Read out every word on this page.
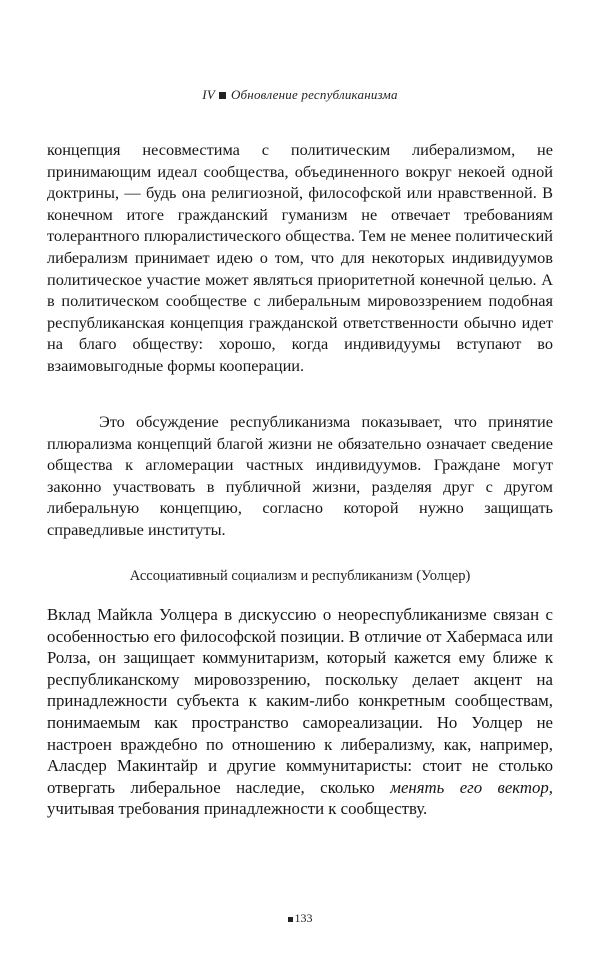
IV Обновление республиканизма

концепция несовместима с политическим либерализмом, не принимающим идеал сообщества, объединенного вокруг некоей одной доктрины, — будь она религиозной, философской или нравственной. В конечном итоге гражданский гуманизм не отвечает требованиям толерантного плюралистического общества. Тем не менее политический либерализм принимает идею о том, что для некоторых индивидуумов политическое участие может являться приоритетной конечной целью. А в политическом сообществе с либеральным мировоззрением подобная республиканская концепция гражданской ответственности обычно идет на благо обществу: хорошо, когда индивидуумы вступают во взаимовыгодные формы кооперации.

Это обсуждение республиканизма показывает, что принятие плюрализма концепций благой жизни не обязательно означает сведение общества к агломерации частных индивидуумов. Граждане могут законно участвовать в публичной жизни, разделяя друг с другом либеральную концепцию, согласно которой нужно защищать справедливые институты.

Ассоциативный социализм и республиканизм (Уолцер)

Вклад Майкла Уолцера в дискуссию о неореспубликанизме связан с особенностью его философской позиции. В отличие от Хабермаса или Ролза, он защищает коммунитаризм, который кажется ему ближе к республиканскому мировоззрению, поскольку делает акцент на принадлежности субъекта к каким-либо конкретным сообществам, понимаемым как пространство самореализации. Но Уолцер не настроен враждебно по отношению к либерализму, как, например, Аласдер Макинтайр и другие коммунитаристы: стоит не столько отвергать либеральное наследие, сколько менять его вектор, учитывая требования принадлежности к сообществу.

133
